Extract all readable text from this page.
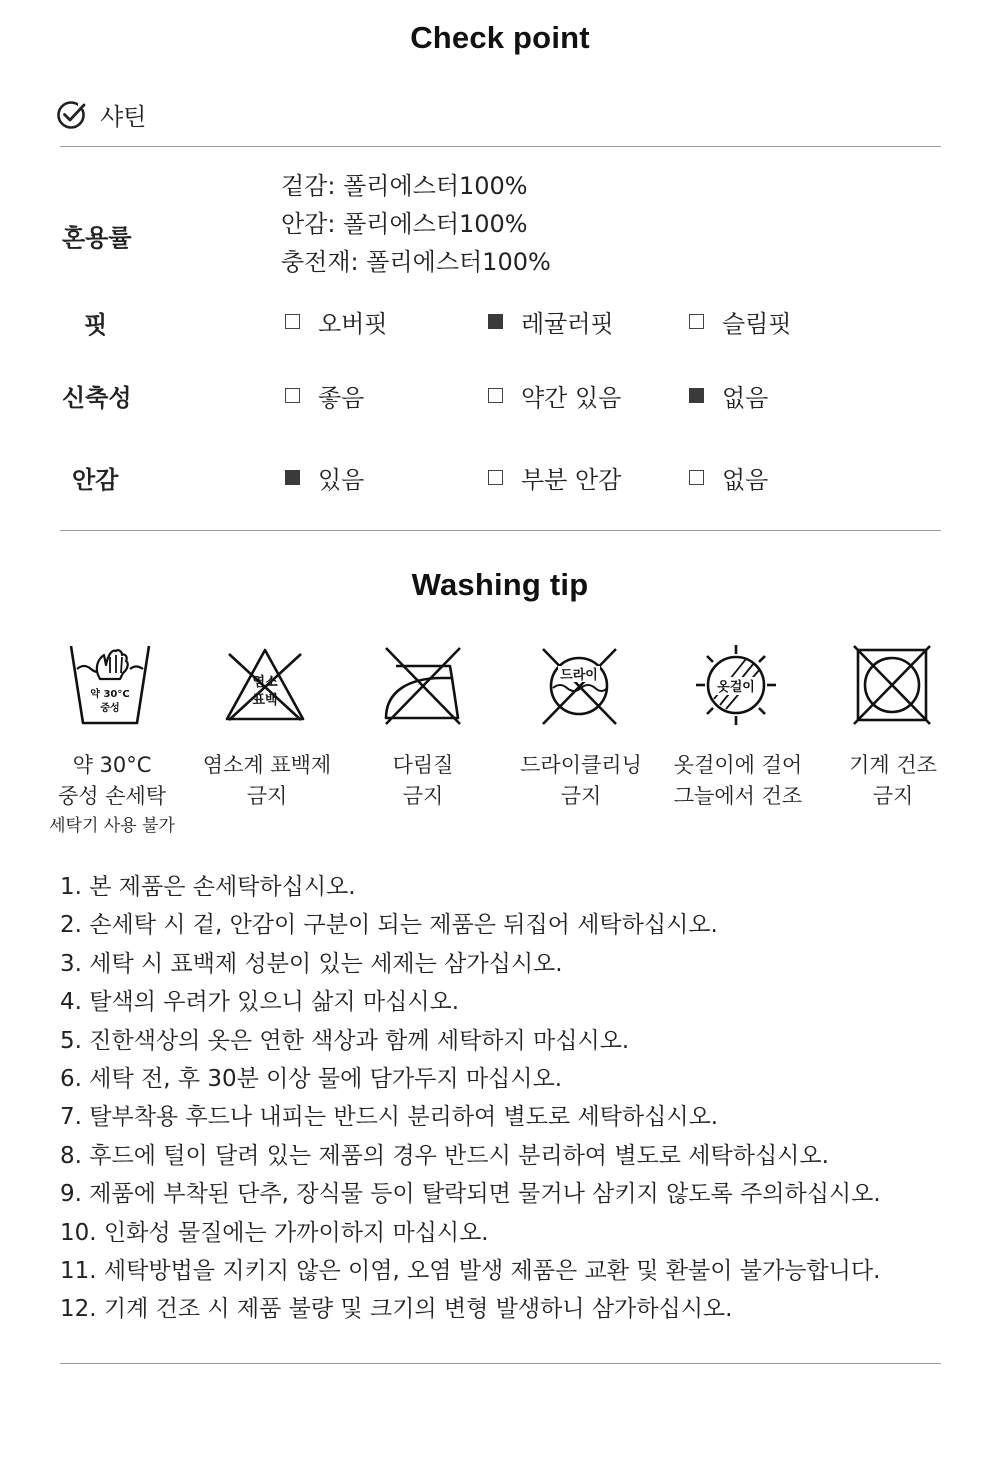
Check point
샤틴
혼용률
겉감: 폴리에스터100%
안감: 폴리에스터100%
충전재: 폴리에스터100%
핏	오버핏	레귤러핏	슬림핏
신축성	좋음	약간 있음	없음
안감	있음	부분 안감	없음
Washing tip
약 30°C
중성
염소
표백
드라이
옷걸이
약 30°C
중성 손세탁
세탁기 사용 불가
염소계 표백제
금지
다림질
금지
드라이클리닝
금지
옷걸이에 걸어
그늘에서 건조
기계 건조
금지
1. 본 제품은 손세탁하십시오.
2. 손세탁 시 겉, 안감이 구분이 되는 제품은 뒤집어 세탁하십시오.
3. 세탁 시 표백제 성분이 있는 세제는 삼가십시오.
4. 탈색의 우려가 있으니 삶지 마십시오.
5. 진한색상의 옷은 연한 색상과 함께 세탁하지 마십시오.
6. 세탁 전, 후 30분 이상 물에 담가두지 마십시오.
7. 탈부착용 후드나 내피는 반드시 분리하여 별도로 세탁하십시오.
8. 후드에 털이 달려 있는 제품의 경우 반드시 분리하여 별도로 세탁하십시오.
9. 제품에 부착된 단추, 장식물 등이 탈락되면 물거나 삼키지 않도록 주의하십시오.
10. 인화성 물질에는 가까이하지 마십시오.
11. 세탁방법을 지키지 않은 이염, 오염 발생 제품은 교환 및 환불이 불가능합니다.
12. 기계 건조 시 제품 불량 및 크기의 변형 발생하니 삼가하십시오.
